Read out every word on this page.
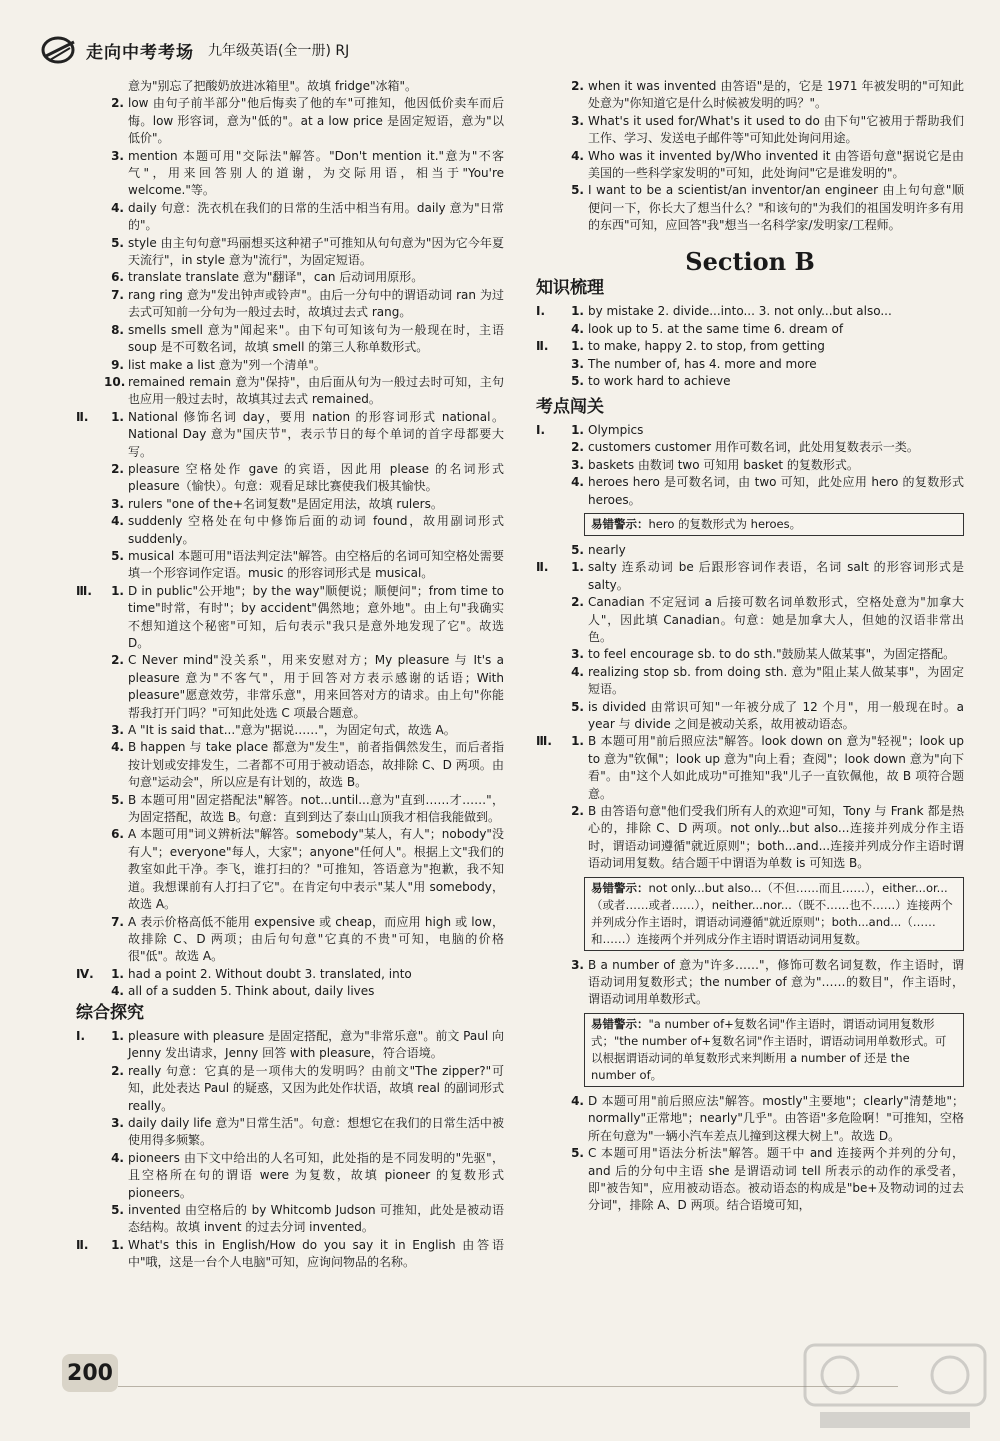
走向中考考场 九年级英语(全一册) RJ
意为"别忘了把酸奶放进冰箱里"。故填 fridge"冰箱"。
2. low 由句子前半部分"他后悔卖了他的车"可推知，他因低价卖车而后悔。low 形容词，意为"低的"。at a low price 是固定短语，意为"以低价"。
3. mention 本题可用"交际法"解答。"Don't mention it."意为"不客气"，用来回答别人的道谢，为交际用语，相当于"You're welcome."等。
4. daily 句意：洗衣机在我们的日常的生活中相当有用。daily 意为"日常的"。
5. style 由主句句意"玛丽想买这种裙子"可推知从句句意为"因为它今年夏天流行"，in style 意为"流行"，为固定短语。
6. translate translate 意为"翻译"，can 后动词用原形。
7. rang ring 意为"发出钟声或铃声"。由后一分句中的谓语动词 ran 为过去式可知前一分句为一般过去时，故填过去式 rang。
8. smells smell 意为"闻起来"。由下句可知该句为一般现在时，主语 soup 是不可数名词，故填 smell 的第三人称单数形式。
9. list make a list 意为"列一个清单"。
10. remained remain 意为"保持"，由后面从句为一般过去时可知，主句也应用一般过去时，故填其过去式 remained。
Ⅱ.	1. National 修饰名词 day，要用 nation 的形容词形式 national。National Day 意为"国庆节"，表示节日的每个单词的首字母都要大写。
2. pleasure 空格处作 gave 的宾语，因此用 please 的名词形式 pleasure（愉快）。句意：观看足球比赛使我们极其愉快。
3. rulers "one of the+名词复数"是固定用法，故填 rulers。
4. suddenly 空格处在句中修饰后面的动词 found，故用副词形式 suddenly。
5. musical 本题可用"语法判定法"解答。由空格后的名词可知空格处需要填一个形容词作定语。music 的形容词形式是 musical。
Ⅲ.	1. D in public"公开地"；by the way"顺便说；顺便问"；from time to time"时常，有时"；by accident"偶然地；意外地"。由上句"我确实不想知道这个秘密"可知，后句表示"我只是意外地发现了它"。故选 D。
2. C Never mind"没关系"，用来安慰对方；My pleasure 与 It's a pleasure 意为"不客气"，用于回答对方表示感谢的话语；With pleasure"愿意效劳，非常乐意"，用来回答对方的请求。由上句"你能帮我打开门吗？"可知此处选 C 项最合题意。
3. A "It is said that..."意为"据说……"，为固定句式，故选 A。
4. B happen 与 take place 都意为"发生"，前者指偶然发生，而后者指按计划或安排发生，二者都不可用于被动语态，故排除 C、D 两项。由句意"运动会"，所以应是有计划的，故选 B。
5. B 本题可用"固定搭配法"解答。not...until...意为"直到……才……"，为固定搭配，故选 B。句意：直到到达了泰山山顶我才相信我能做到。
6. A 本题可用"词义辨析法"解答。somebody"某人，有人"；nobody"没有人"；everyone"每人，大家"；anyone"任何人"。根据上文"我们的教室如此干净。李飞，谁打扫的？"可推知，答语意为"抱歉，我不知道。我想课前有人打扫了它"。在肯定句中表示"某人"用 somebody，故选 A。
7. A 表示价格高低不能用 expensive 或 cheap，而应用 high 或 low，故排除 C、D 两项；由后句句意"它真的不贵"可知，电脑的价格很"低"。故选 A。
Ⅳ.	1. had a point 2. Without doubt 3. translated, into
4. all of a sudden 5. Think about, daily lives
综合探究
Ⅰ.	1. pleasure with pleasure 是固定搭配，意为"非常乐意"。前文 Paul 向 Jenny 发出请求，Jenny 回答 with pleasure，符合语境。
2. really 句意：它真的是一项伟大的发明吗？由前文"The zipper?"可知，此处表达 Paul 的疑惑，又因为此处作状语，故填 real 的副词形式 really。
3. daily daily life 意为"日常生活"。句意：想想它在我们的日常生活中被使用得多频繁。
4. pioneers 由下文中给出的人名可知，此处指的是不同发明的"先驱"，且空格所在句的谓语 were 为复数，故填 pioneer 的复数形式 pioneers。
5. invented 由空格后的 by Whitcomb Judson 可推知，此处是被动语态结构。故填 invent 的过去分词 invented。
Ⅱ.	1. What's this in English/How do you say it in English 由答语中"哦，这是一台个人电脑"可知，应询问物品的名称。
2. when it was invented 由答语"是的，它是 1971 年被发明的"可知此处意为"你知道它是什么时候被发明的吗？"。
3. What's it used for/What's it used to do 由下句"它被用于帮助我们工作、学习、发送电子邮件等"可知此处询问用途。
4. Who was it invented by/Who invented it 由答语句意"据说它是由美国的一些科学家发明的"可知，此处询问"它是谁发明的"。
5. I want to be a scientist/an inventor/an engineer 由上句句意"顺便问一下，你长大了想当什么？"和该句的"为我们的祖国发明许多有用的东西"可知，应回答"我"想当一名科学家/发明家/工程师。
Section B
知识梳理
Ⅰ.	1. by mistake 2. divide...into... 3. not only...but also...
4. look up to 5. at the same time 6. dream of
Ⅱ.	1. to make, happy 2. to stop, from getting
3. The number of, has 4. more and more
5. to work hard to achieve
考点闯关
Ⅰ.	1. Olympics
2. customers customer 用作可数名词，此处用复数表示一类。
3. baskets 由数词 two 可知用 basket 的复数形式。
4. heroes hero 是可数名词，由 two 可知，此处应用 hero 的复数形式 heroes。
易错警示：hero 的复数形式为 heroes。
5. nearly
Ⅱ.	1. salty 连系动词 be 后跟形容词作表语，名词 salt 的形容词形式是 salty。
2. Canadian 不定冠词 a 后接可数名词单数形式，空格处意为"加拿大人"，因此填 Canadian。句意：她是加拿大人，但她的汉语非常出色。
3. to feel encourage sb. to do sth."鼓励某人做某事"，为固定搭配。
4. realizing stop sb. from doing sth. 意为"阻止某人做某事"，为固定短语。
5. is divided 由常识可知"一年被分成了 12 个月"，用一般现在时。a year 与 divide 之间是被动关系，故用被动语态。
Ⅲ.	1. B 本题可用"前后照应法"解答。look down on 意为"轻视"；look up to 意为"钦佩"；look up 意为"向上看；查阅"；look down 意为"向下看"。由"这个人如此成功"可推知"我"儿子一直钦佩他，故 B 项符合题意。
2. B 由答语句意"他们受我们所有人的欢迎"可知，Tony 与 Frank 都是热心的，排除 C、D 两项。not only...but also...连接并列成分作主语时，谓语动词遵循"就近原则"；both...and...连接并列成分作主语时谓语动词用复数。结合题干中谓语为单数 is 可知选 B。
易错警示：not only...but also...（不但……而且……），either...or...（或者……或者……），neither...nor...（既不……也不……）连接两个并列成分作主语时，谓语动词遵循"就近原则"；both...and...（……和……）连接两个并列成分作主语时谓语动词用复数。
3. B a number of 意为"许多……"，修饰可数名词复数，作主语时，谓语动词用复数形式；the number of 意为"……的数目"，作主语时，谓语动词用单数形式。
易错警示："a number of+复数名词"作主语时，谓语动词用复数形式；"the number of+复数名词"作主语时，谓语动词用单数形式。可以根据谓语动词的单复数形式来判断用 a number of 还是 the number of。
4. D 本题可用"前后照应法"解答。mostly"主要地"；clearly"清楚地"；normally"正常地"；nearly"几乎"。由答语"多危险啊！"可推知，空格所在句意为"一辆小汽车差点儿撞到这棵大树上"。故选 D。
5. C 本题可用"语法分析法"解答。题干中 and 连接两个并列的分句，and 后的分句中主语 she 是谓语动词 tell 所表示的动作的承受者，即"被告知"，应用被动语态。被动语态的构成是"be+及物动词的过去分词"，排除 A、D 两项。结合语境可知，
200
